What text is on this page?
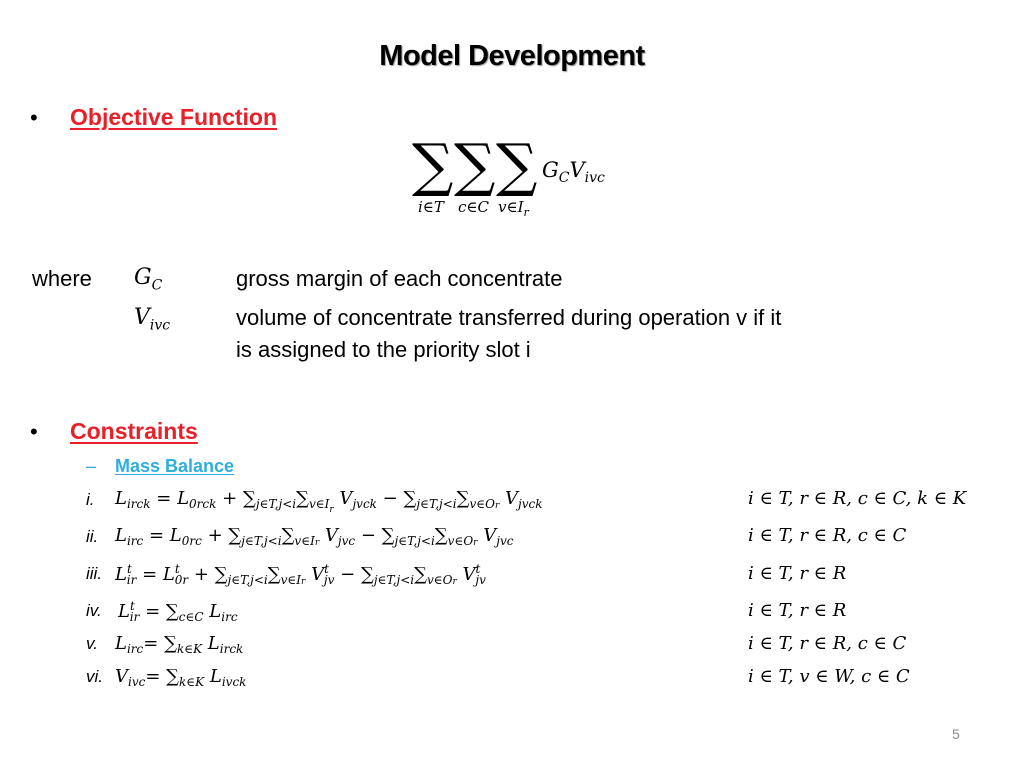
Model Development
• Objective Function
∑ ∑ ∑
i∈T c∈C $v\in I_r$
$G_CV_{ivc}$
where $G_C$	gross margin of each concentrate
$V_{ivc}$	volume of concentrate transferred during operation v if it
is assigned to the priority slot i
• Constraints
– Mass Balance
i. $L_{irck} = L_{0rck} + \sum_{j\in T,j<i}\sum_{v\in I_r}$ $V_{jvck} - \sum_{j\in T,j<i}\sum_{v\in Or}$ $V_{jvck}$	i ∈ T, r ∈ R, c ∈ C, k ∈ K
ii. $L_{irc} = L_{0rc} + \sum_{j\in T,j<i}\sum_{v\in Ir}$ $V_{jvc} - \sum_{j\in T,j<i}\sum_{v\in Or}$ $V_{jvc}$	i ∈ T, r ∈ R, c ∈ C
iii. $L^t_{ir} = L^t_{0r} + \sum_{j\in T,j<i}\sum_{v\in Ir}$ $V^t_{jv} - \sum_{j\in T,j<i}\sum_{v\in Or}$ $V^t_{jv}$	i ∈ T, r ∈ R
iv. $L^t_{ir} = \sum_{c\in C}$ $L_{irc}$	i ∈ T, r ∈ R
v. $L_{irc}= \sum_{k\in K}$ $L_{irck}$	i ∈ T, r ∈ R, c ∈ C
vi. $V_{ivc}= \sum_{k\in K}$ $L_{ivck}$	i ∈ T, v ∈ W, c ∈ C
5
